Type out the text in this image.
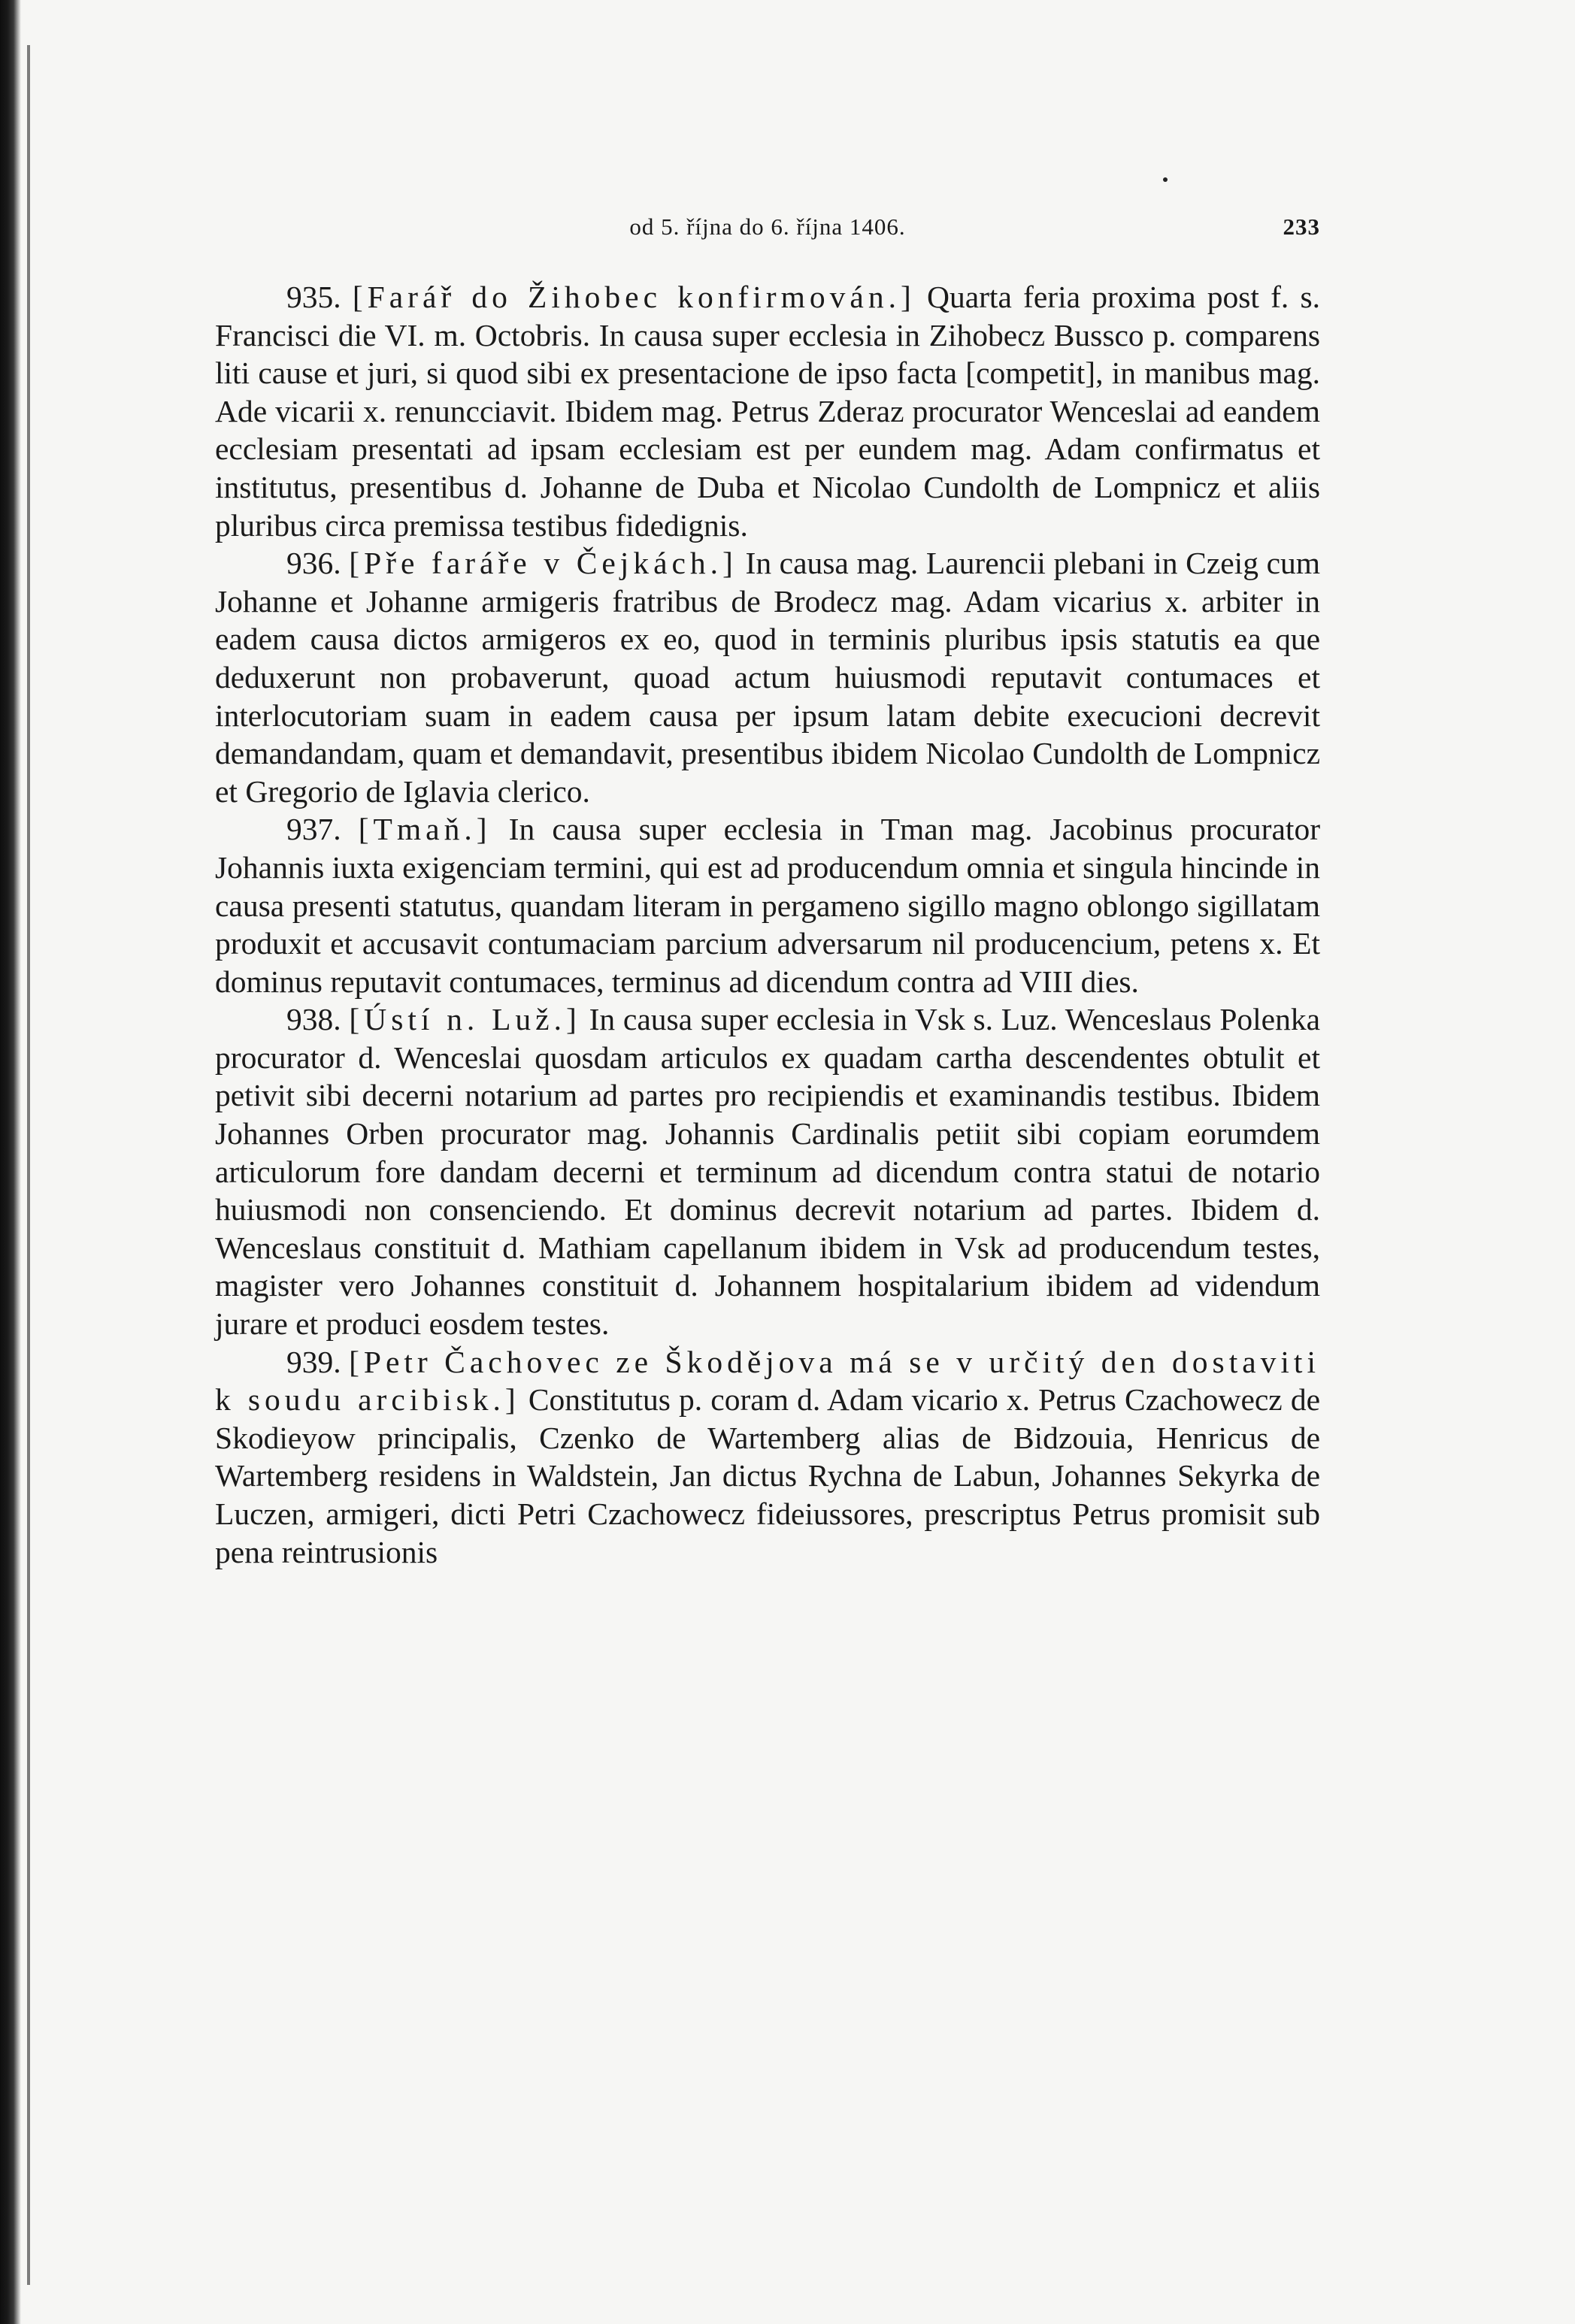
od 5. října do 6. října 1406.	233

935. [Farář do Žihobec konfirmován.] Quarta feria proxima post f. s. Francisci die VI. m. Octobris. In causa super ecclesia in Zihobecz Bussco p. comparens liti cause et juri, si quod sibi ex presentacione de ipso facta [competit], in manibus mag. Ade vicarii x. renuncciavit. Ibidem mag. Petrus Zderaz procurator Wenceslai ad eandem ecclesiam presentati ad ipsam ecclesiam est per eundem mag. Adam confirmatus et institutus, presentibus d. Johanne de Duba et Nicolao Cundolth de Lompnicz et aliis pluribus circa premissa testibus fidedignis.

936. [Pře faráře v Čejkách.] In causa mag. Laurencii plebani in Czeig cum Johanne et Johanne armigeris fratribus de Brodecz mag. Adam vicarius x. arbiter in eadem causa dictos armigeros ex eo, quod in terminis pluribus ipsis statutis ea que deduxerunt non probaverunt, quoad actum huiusmodi reputavit contumaces et interlocutoriam suam in eadem causa per ipsum latam debite execucioni decrevit demandandam, quam et demandavit, presentibus ibidem Nicolao Cundolth de Lompnicz et Gregorio de Iglavia clerico.

937. [Tmaň.] In causa super ecclesia in Tman mag. Jacobinus procurator Johannis iuxta exigenciam termini, qui est ad producendum omnia et singula hincinde in causa presenti statutus, quandam literam in pergameno sigillo magno oblongo sigillatam produxit et accusavit contumaciam parcium adversarum nil producencium, petens x. Et dominus reputavit contumaces, terminus ad dicendum contra ad VIII dies.

938. [Ústí n. Luž.] In causa super ecclesia in Vsk s. Luz. Wenceslaus Polenka procurator d. Wenceslai quosdam articulos ex quadam cartha descendentes obtulit et petivit sibi decerni notarium ad partes pro recipiendis et examinandis testibus. Ibidem Johannes Orben procurator mag. Johannis Cardinalis petiit sibi copiam eorumdem articulorum fore dandam decerni et terminum ad dicendum contra statui de notario huiusmodi non consenciendo. Et dominus decrevit notarium ad partes. Ibidem d. Wenceslaus constituit d. Mathiam capellanum ibidem in Vsk ad producendum testes, magister vero Johannes constituit d. Johannem hospitalarium ibidem ad videndum jurare et produci eosdem testes.

939. [Petr Čachovec ze Škodějova má se v určitý den dostaviti k soudu arcibisk.] Constitutus p. coram d. Adam vicario x. Petrus Czachowecz de Skodieyow principalis, Czenko de Wartemberg alias de Bidzouia, Henricus de Wartemberg residens in Waldstein, Jan dictus Rychna de Labun, Johannes Sekyrka de Luczen, armigeri, dicti Petri Czachowecz fideiussores, prescriptus Petrus promisit sub pena reintrusionis
